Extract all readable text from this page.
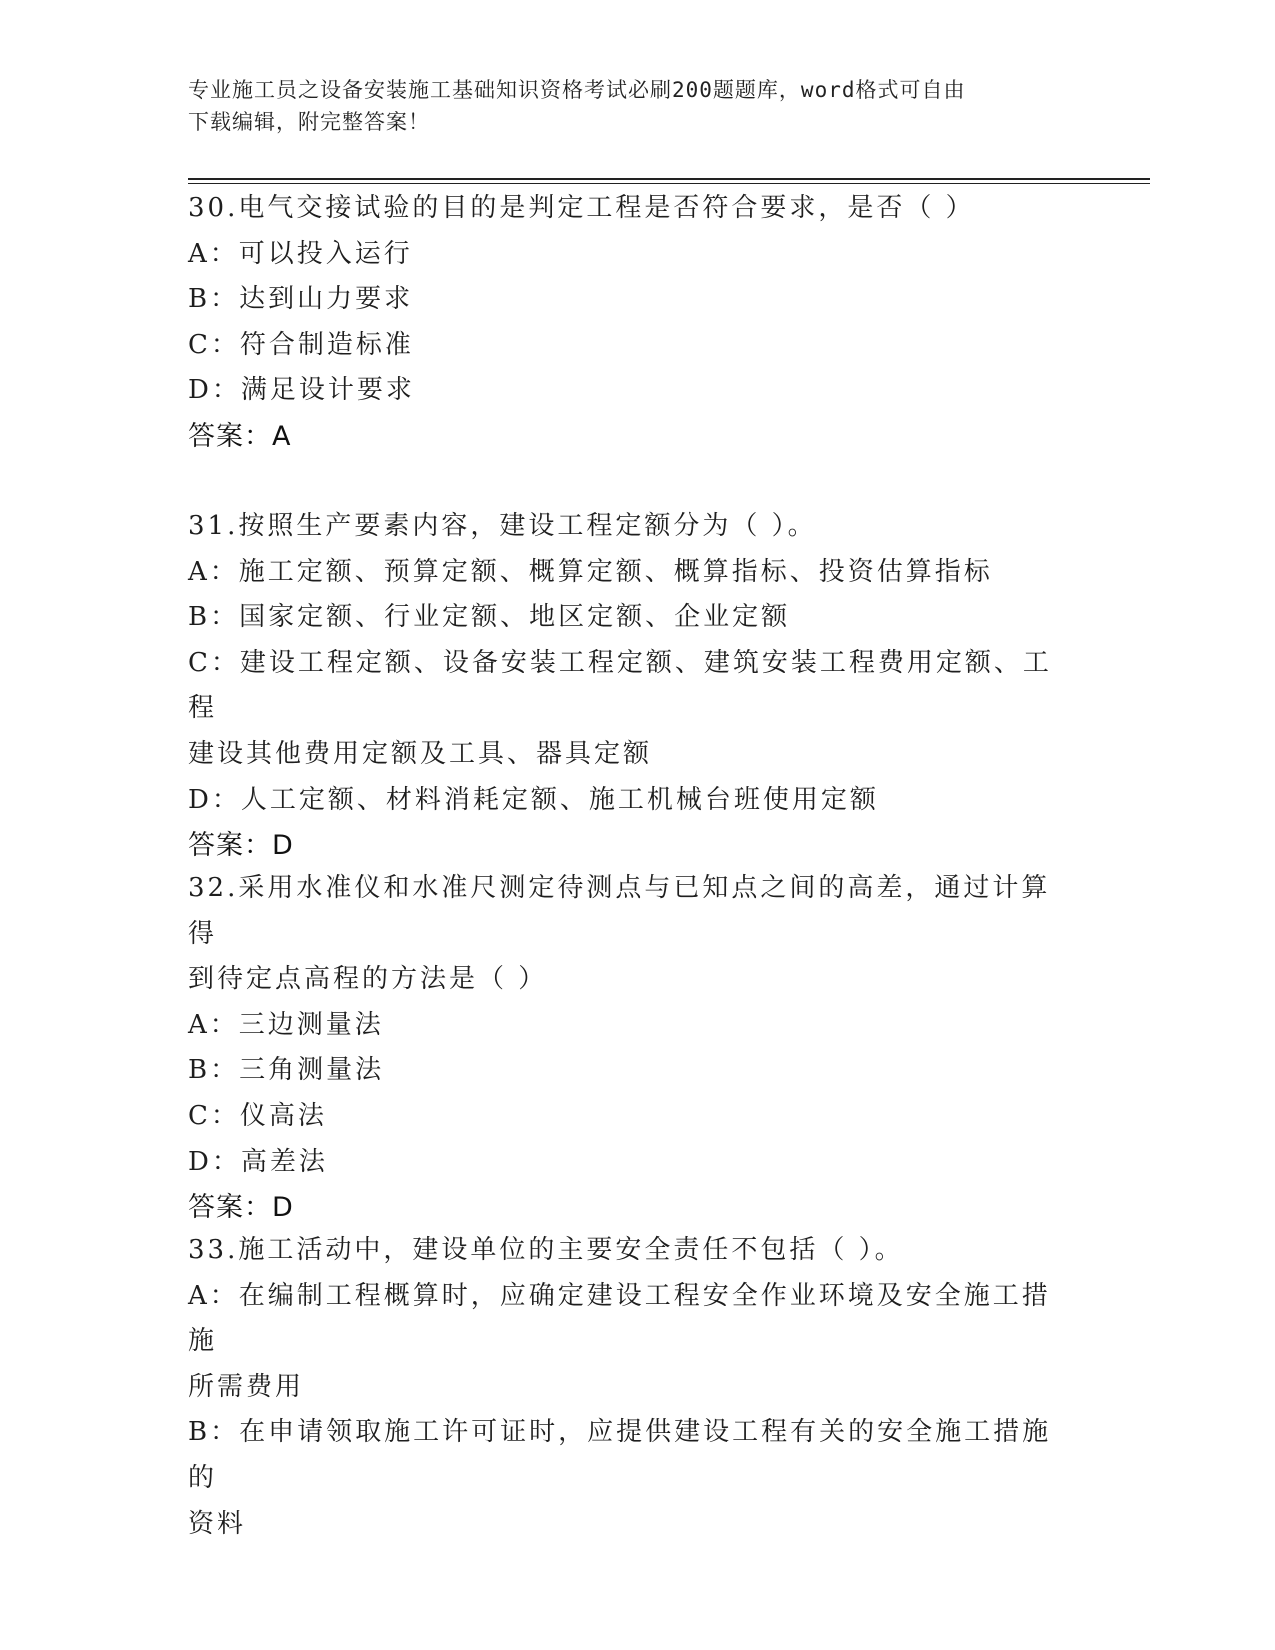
专业施工员之设备安装施工基础知识资格考试必刷200题题库，word格式可自由
下载编辑，附完整答案！
30.电气交接试验的目的是判定工程是否符合要求，是否（ ）
A：可以投入运行
B：达到山力要求
C：符合制造标准
D：满足设计要求
答案：A
31.按照生产要素内容，建设工程定额分为（ ）。
A：施工定额、预算定额、概算定额、概算指标、投资估算指标
B：国家定额、行业定额、地区定额、企业定额
C：建设工程定额、设备安装工程定额、建筑安装工程费用定额、工程
建设其他费用定额及工具、器具定额
D：人工定额、材料消耗定额、施工机械台班使用定额
答案：D
32.采用水准仪和水准尺测定待测点与已知点之间的高差，通过计算得
到待定点高程的方法是（ ）
A：三边测量法
B：三角测量法
C：仪高法
D：高差法
答案：D
33.施工活动中，建设单位的主要安全责任不包括（ ）。
A：在编制工程概算时，应确定建设工程安全作业环境及安全施工措施
所需费用
B：在申请领取施工许可证时，应提供建设工程有关的安全施工措施的
资料
